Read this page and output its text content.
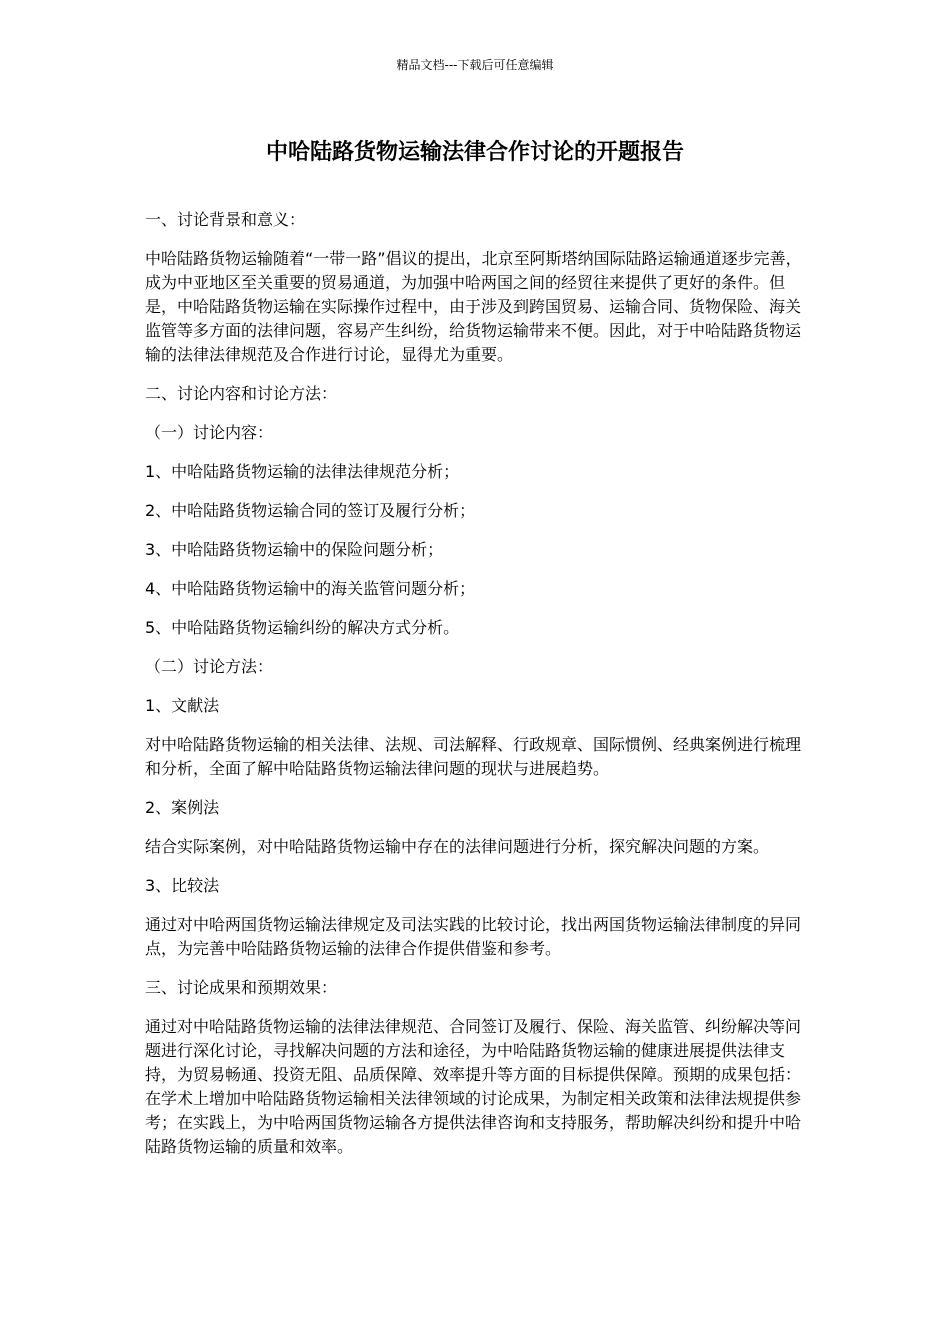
精品文档---下载后可任意编辑
中哈陆路货物运输法律合作讨论的开题报告

一、讨论背景和意义：

中哈陆路货物运输随着“一带一路”倡议的提出，北京至阿斯塔纳国际陆路运输通道逐步完善，成为中亚地区至关重要的贸易通道，为加强中哈两国之间的经贸往来提供了更好的条件。但是，中哈陆路货物运输在实际操作过程中，由于涉及到跨国贸易、运输合同、货物保险、海关监管等多方面的法律问题，容易产生纠纷，给货物运输带来不便。因此，对于中哈陆路货物运输的法律法律规范及合作进行讨论，显得尤为重要。

二、讨论内容和讨论方法：

（一）讨论内容：

1、中哈陆路货物运输的法律法律规范分析；

2、中哈陆路货物运输合同的签订及履行分析；

3、中哈陆路货物运输中的保险问题分析；

4、中哈陆路货物运输中的海关监管问题分析；

5、中哈陆路货物运输纠纷的解决方式分析。

（二）讨论方法：

1、文献法

对中哈陆路货物运输的相关法律、法规、司法解释、行政规章、国际惯例、经典案例进行梳理和分析，全面了解中哈陆路货物运输法律问题的现状与进展趋势。

2、案例法

结合实际案例，对中哈陆路货物运输中存在的法律问题进行分析，探究解决问题的方案。

3、比较法

通过对中哈两国货物运输法律规定及司法实践的比较讨论，找出两国货物运输法律制度的异同点，为完善中哈陆路货物运输的法律合作提供借鉴和参考。

三、讨论成果和预期效果：

通过对中哈陆路货物运输的法律法律规范、合同签订及履行、保险、海关监管、纠纷解决等问题进行深化讨论，寻找解决问题的方法和途径，为中哈陆路货物运输的健康进展提供法律支持，为贸易畅通、投资无阻、品质保障、效率提升等方面的目标提供保障。预期的成果包括：在学术上增加中哈陆路货物运输相关法律领域的讨论成果，为制定相关政策和法律法规提供参考；在实践上，为中哈两国货物运输各方提供法律咨询和支持服务，帮助解决纠纷和提升中哈陆路货物运输的质量和效率。
